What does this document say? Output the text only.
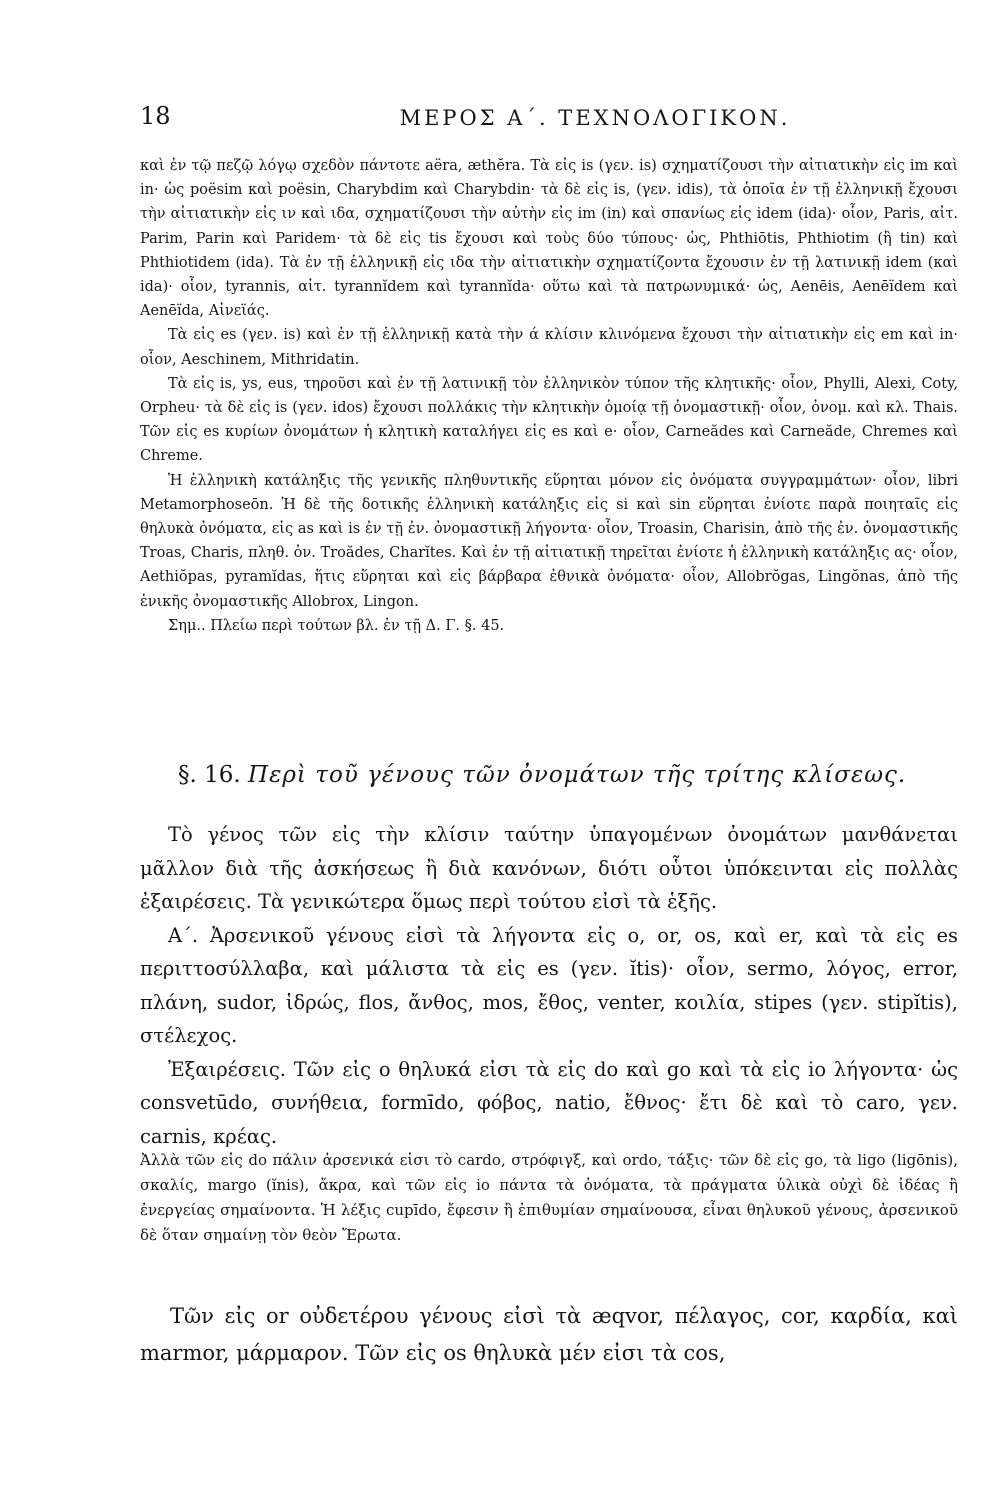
18	ΜΕΡΟΣ Α΄. ΤΕΧΝΟΛΟΓΙΚΟΝ.

καὶ ἐν τῷ πεζῷ λόγῳ σχεδὸν πάντοτε aëra, æthĕra. Τὰ εἰς is (γεν. is) σχηματίζουσι τὴν αἰτιατικὴν εἰς im καὶ in· ὡς poësim καὶ poësin, Charybdim καὶ Charybdin· τὰ δὲ εἰς is, (γεν. idis), τὰ ὁποῖα ἐν τῇ ἑλληνικῇ ἔχουσι τὴν αἰτιατικὴν εἰς ιν καὶ ιδα, σχηματίζουσι τὴν αὐτὴν εἰς im (in) καὶ σπανίως εἰς idem (ida)· οἷον, Paris, αἰτ. Parim, Parin καὶ Paridem· τὰ δὲ εἰς tis ἔχουσι καὶ τοὺς δύο τύπους· ὡς, Phthiōtis, Phthiotim (ἢ tin) καὶ Phthiotidem (ida). Τὰ ἐν τῇ ἑλληνικῇ εἰς ιδα τὴν αἰτιατικὴν σχηματίζοντα ἔχουσιν ἐν τῇ λατινικῇ idem (καὶ ida)· οἷον, tyrannis, αἰτ. tyrannĭdem καὶ tyrannĭda· οὕτω καὶ τὰ πατρωνυμικά· ὡς, Aenēis, Aenēïdem καὶ Aenēïda, Αἰνεϊάς.

Τὰ εἰς es (γεν. is) καὶ ἐν τῇ ἑλληνικῇ κατὰ τὴν ά κλίσιν κλινόμενα ἔχουσι τὴν αἰτιατικὴν εἰς em καὶ in· οἷον, Aeschinem, Mithridatin.

Τὰ εἰς is, ys, eus, τηροῦσι καὶ ἐν τῇ λατινικῇ τὸν ἑλληνικὸν τύπον τῆς κλητικῆς· οἷον, Phylli, Alexi, Coty, Orpheu· τὰ δὲ εἰς is (γεν. idos) ἔχουσι πολλάκις τὴν κλητικὴν ὁμοίᾳ τῇ ὀνομαστικῇ· οἷον, ὀνομ. καὶ κλ. Thais. Τῶν εἰς es κυρίων ὀνομάτων ἡ κλητικὴ καταλήγει εἰς es καὶ e· οἷον, Carneădes καὶ Carneăde, Chremes καὶ Chreme.

Ἡ ἑλληνικὴ κατάληξις τῆς γενικῆς πληθυντικῆς εὕρηται μόνον εἰς ὀνόματα συγγραμμάτων· οἷον, libri Metamorphoseōn. Ἡ δὲ τῆς δοτικῆς ἑλληνικὴ κατάληξις εἰς si καὶ sin εὕρηται ἐνίοτε παρὰ ποιηταῖς εἰς θηλυκὰ ὀνόματα, εἰς as καὶ is ἐν τῇ ἐν. ὀνομαστικῇ λήγοντα· οἷον, Troasin, Charisin, ἀπὸ τῆς ἐν. ὀνομαστικῆς Troas, Charis, πληθ. ὀν. Troădes, Charĭtes. Καὶ ἐν τῇ αἰτιατικῇ τηρεῖται ἐνίοτε ἡ ἑλληνικὴ κατάληξις ας· οἷον, Aethiŏpas, pyramĭdas, ἥτις εὕρηται καὶ εἰς βάρβαρα ἐθνικὰ ὀνόματα· οἷον, Allobrŏgas, Lingŏnas, ἀπὸ τῆς ἑνικῆς ὀνομαστικῆς Allobrox, Lingon.

Σημ.. Πλείω περὶ τούτων βλ. ἐν τῇ Δ. Γ. §. 45.

§. 16. Περὶ τοῦ γένους τῶν ὀνομάτων τῆς τρίτης κλίσεως.

Τὸ γένος τῶν εἰς τὴν κλίσιν ταύτην ὑπαγομένων ὀνομάτων μανθάνεται μᾶλλον διὰ τῆς ἀσκήσεως ἢ διὰ κανόνων, διότι οὗτοι ὑπόκεινται εἰς πολλὰς ἐξαιρέσεις. Τὰ γενικώτερα ὅμως περὶ τούτου εἰσὶ τὰ ἑξῆς.

Α΄. Ἀρσενικοῦ γένους εἰσὶ τὰ λήγοντα εἰς o, or, os, καὶ er, καὶ τὰ εἰς es περιττοσύλλαβα, καὶ μάλιστα τὰ εἰς es (γεν. ĭtis)· οἷον, sermo, λόγος, error, πλάνη, sudor, ἱδρώς, flos, ἄνθος, mos, ἔθος, venter, κοιλία, stipes (γεν. stipĭtis), στέλεχος.

Ἐξαιρέσεις. Τῶν εἰς o θηλυκά εἰσι τὰ εἰς do καὶ go καὶ τὰ εἰς io λήγοντα· ὡς consvetūdo, συνήθεια, formīdo, φόβος, natio, ἔθνος· ἔτι δὲ καὶ τὸ caro, γεν. carnis, κρέας.

Ἀλλὰ τῶν εἰς do πάλιν ἀρσενικά εἰσι τὸ cardo, στρόφιγξ, καὶ ordo, τάξις· τῶν δὲ εἰς go, τὰ ligo (ligōnis), σκαλίς, margo (ĭnis), ἄκρα, καὶ τῶν εἰς io πάντα τὰ ὀνόματα, τὰ πράγματα ὑλικὰ οὐχὶ δὲ ἰδέας ἢ ἐνεργείας σημαίνοντα. Ἡ λέξις cupīdo, ἔφεσιν ἢ ἐπιθυμίαν σημαίνουσα, εἶναι θηλυκοῦ γένους, ἀρσενικοῦ δὲ ὅταν σημαίνῃ τὸν θεὸν Ἔρωτα.

Τῶν εἰς or οὐδετέρου γένους εἰσὶ τὰ æqvor, πέλαγος, cor, καρδία, καὶ marmor, μάρμαρον. Τῶν εἰς os θηλυκὰ μέν εἰσι τὰ cos,
